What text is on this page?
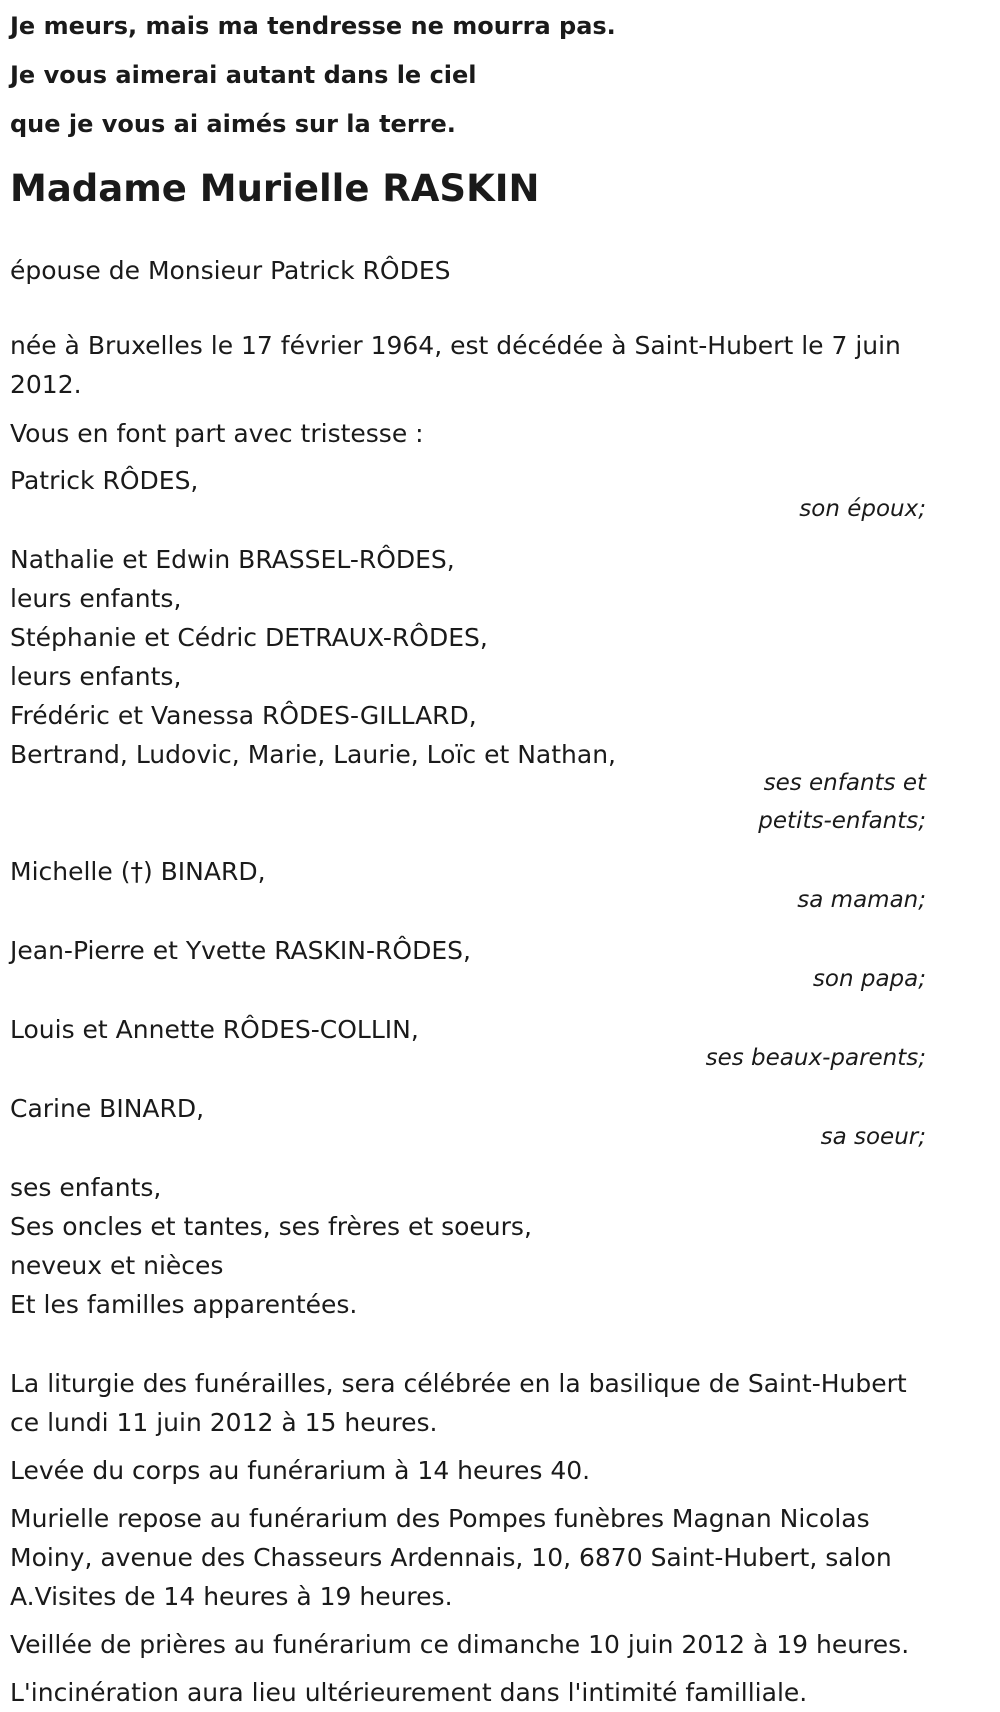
Je meurs, mais ma tendresse ne mourra pas.
Je vous aimerai autant dans le ciel
que je vous ai aimés sur la terre.
Madame Murielle RASKIN

épouse de Monsieur Patrick RÔDES

née à Bruxelles le 17 février 1964, est décédée à Saint-Hubert le 7 juin 2012.

Vous en font part avec tristesse :

Patrick RÔDES,

son époux;

Nathalie et Edwin BRASSEL-RÔDES,

leurs enfants,

Stéphanie et Cédric DETRAUX-RÔDES,

leurs enfants,

Frédéric et Vanessa RÔDES-GILLARD,

Bertrand, Ludovic, Marie, Laurie, Loïc et Nathan,

ses enfants et

petits-enfants;

Michelle (†) BINARD,

sa maman;

Jean-Pierre et Yvette RASKIN-RÔDES,

son papa;

Louis et Annette RÔDES-COLLIN,

ses beaux-parents;

Carine BINARD,

sa soeur;

ses enfants,

Ses oncles et tantes, ses frères et soeurs,

neveux et nièces

Et les familles apparentées.

La liturgie des funérailles, sera célébrée en la basilique de Saint-Hubert ce lundi 11 juin 2012 à 15 heures.

Levée du corps au funérarium à 14 heures 40.

Murielle repose au funérarium des Pompes funèbres Magnan Nicolas Moiny, avenue des Chasseurs Ardennais, 10, 6870 Saint-Hubert, salon A.Visites de 14 heures à 19 heures.

Veillée de prières au funérarium ce dimanche 10 juin 2012 à 19 heures.

L'incinération aura lieu ultérieurement dans l'intimité familliale.
